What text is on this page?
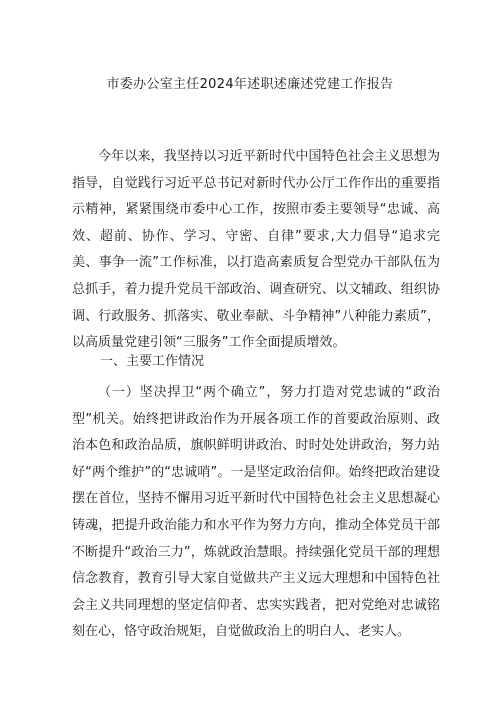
市委办公室主任2024年述职述廉述党建工作报告

今年以来，我坚持以习近平新时代中国特色社会主义思想为指导，自觉践行习近平总书记对新时代办公厅工作作出的重要指示精神，紧紧围绕市委中心工作，按照市委主要领导“忠诚、高效、超前、协作、学习、守密、自律”要求,大力倡导“追求完美、事争一流”工作标准，以打造高素质复合型党办干部队伍为总抓手，着力提升党员干部政治、调查研究、以文辅政、组织协调、行政服务、抓落实、敬业奉献、斗争精神”八种能力素质”，以高质量党建引领“三服务”工作全面提质增效。

一、主要工作情况

（一）坚决捍卫“两个确立”，努力打造对党忠诚的“政治型”机关。始终把讲政治作为开展各项工作的首要政治原则、政治本色和政治品质，旗帜鲜明讲政治、时时处处讲政治，努力站好“两个维护”的“忠诚哨”。一是坚定政治信仰。始终把政治建设摆在首位，坚持不懈用习近平新时代中国特色社会主义思想凝心铸魂，把提升政治能力和水平作为努力方向，推动全体党员干部不断提升“政治三力”，炼就政治慧眼。持续强化党员干部的理想信念教育，教育引导大家自觉做共产主义远大理想和中国特色社会主义共同理想的坚定信仰者、忠实实践者，把对党绝对忠诚铭刻在心，恪守政治规矩，自觉做政治上的明白人、老实人。
